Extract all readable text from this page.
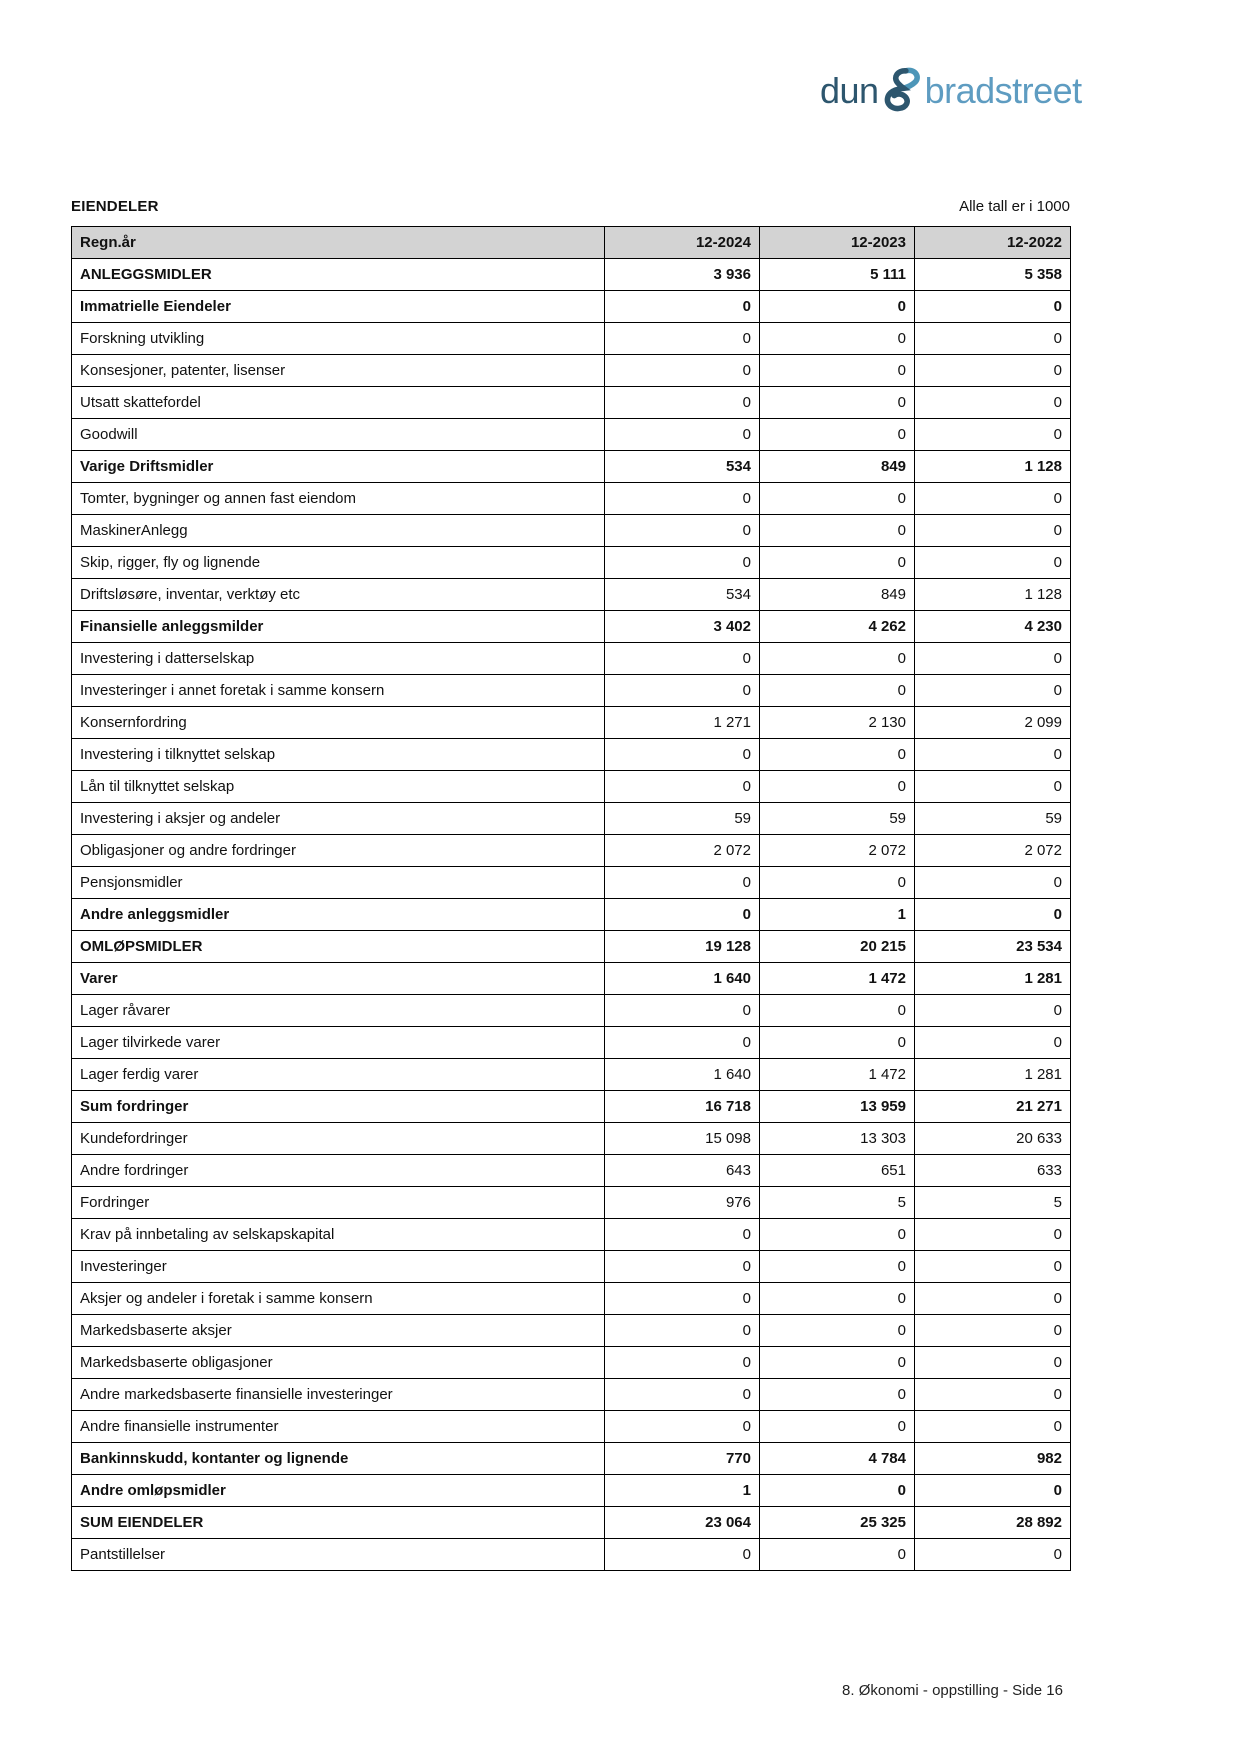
dun bradstreet
EIENDELER	Alle tall er i 1000
Regn.år	12-2024	12-2023	12-2022
ANLEGGSMIDLER	3 936	5 111	5 358
Immatrielle Eiendeler	0	0	0
Forskning utvikling	0	0	0
Konsesjoner, patenter, lisenser	0	0	0
Utsatt skattefordel	0	0	0
Goodwill	0	0	0
Varige Driftsmidler	534	849	1 128
Tomter, bygninger og annen fast eiendom	0	0	0
MaskinerAnlegg	0	0	0
Skip, rigger, fly og lignende	0	0	0
Driftsløsøre, inventar, verktøy etc	534	849	1 128
Finansielle anleggsmilder	3 402	4 262	4 230
Investering i datterselskap	0	0	0
Investeringer i annet foretak i samme konsern	0	0	0
Konsernfordring	1 271	2 130	2 099
Investering i tilknyttet selskap	0	0	0
Lån til tilknyttet selskap	0	0	0
Investering i aksjer og andeler	59	59	59
Obligasjoner og andre fordringer	2 072	2 072	2 072
Pensjonsmidler	0	0	0
Andre anleggsmidler	0	1	0
OMLØPSMIDLER	19 128	20 215	23 534
Varer	1 640	1 472	1 281
Lager råvarer	0	0	0
Lager tilvirkede varer	0	0	0
Lager ferdig varer	1 640	1 472	1 281
Sum fordringer	16 718	13 959	21 271
Kundefordringer	15 098	13 303	20 633
Andre fordringer	643	651	633
Fordringer	976	5	5
Krav på innbetaling av selskapskapital	0	0	0
Investeringer	0	0	0
Aksjer og andeler i foretak i samme konsern	0	0	0
Markedsbaserte aksjer	0	0	0
Markedsbaserte obligasjoner	0	0	0
Andre markedsbaserte finansielle investeringer	0	0	0
Andre finansielle instrumenter	0	0	0
Bankinnskudd, kontanter og lignende	770	4 784	982
Andre omløpsmidler	1	0	0
SUM EIENDELER	23 064	25 325	28 892
Pantstillelser	0	0	0
8. Økonomi - oppstilling - Side 16
